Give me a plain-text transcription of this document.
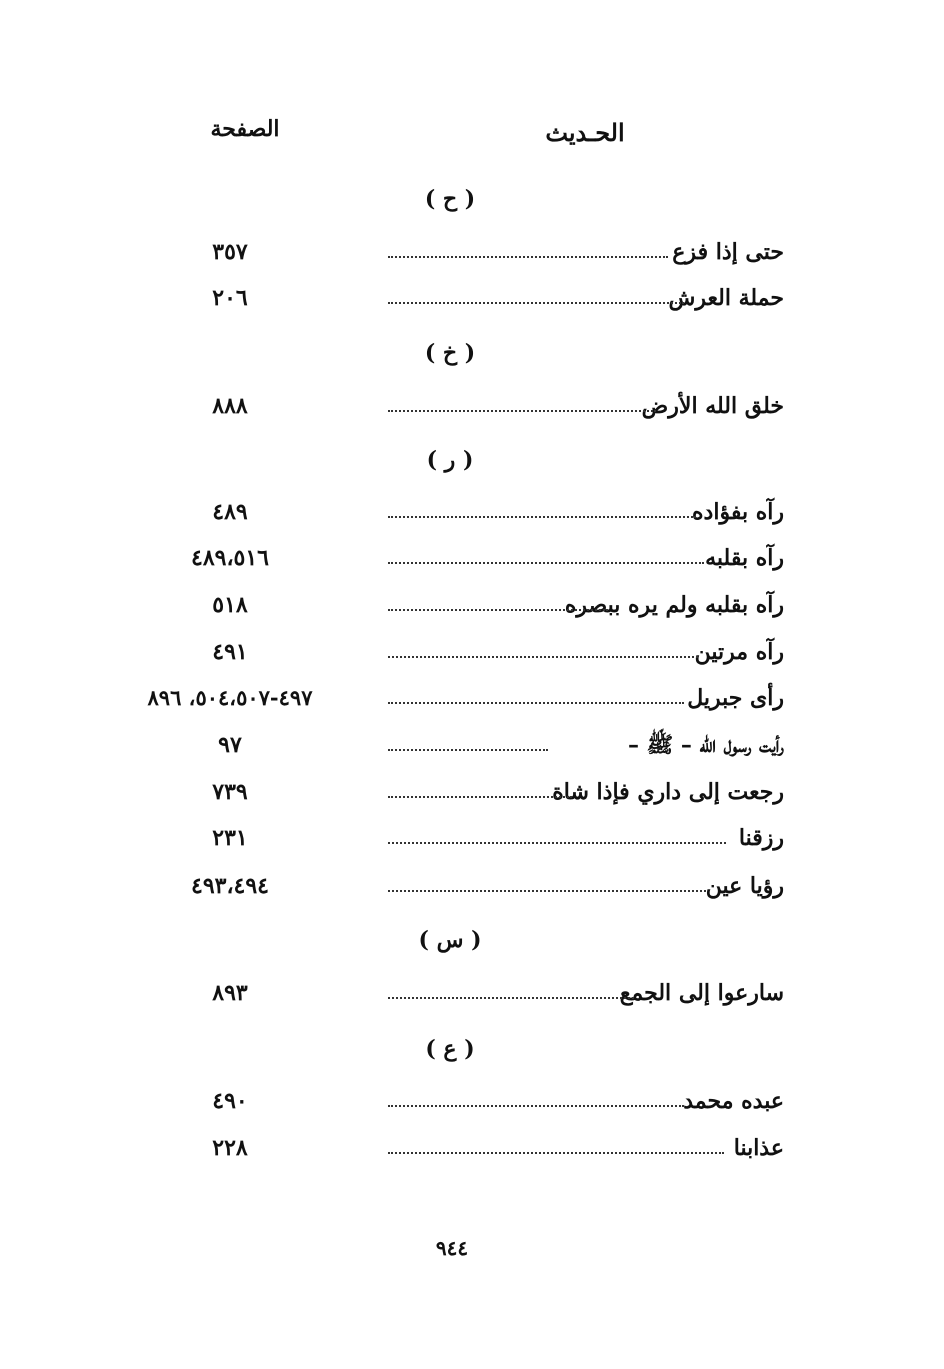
الحـديث
الصفحة
( ح )
حتى إذا فزع
٣٥٧
حملة العرش
٢٠٦
( خ )
خلق الله الأرض
٨٨٨
( ر )
رآه بفؤاده
٤٨٩
رآه بقلبه
٤٨٩،٥١٦
رآه بقلبه ولم يره ببصره
٥١٨
رآه مرتين
٤٩١
رأى جبريل
٤٩٧-٥٠٤،٥٠٧، ٨٩٦
رأيت رسول الله – ﷺ –
٩٧
رجعت إلى داري فإذا شاة
٧٣٩
رزقنا
٢٣١
رؤيا عين
٤٩٣،٤٩٤
( س )
سارعوا إلى الجمع
٨٩٣
( ع )
عبده محمد
٤٩٠
عذابنا
٢٢٨
٩٤٤
